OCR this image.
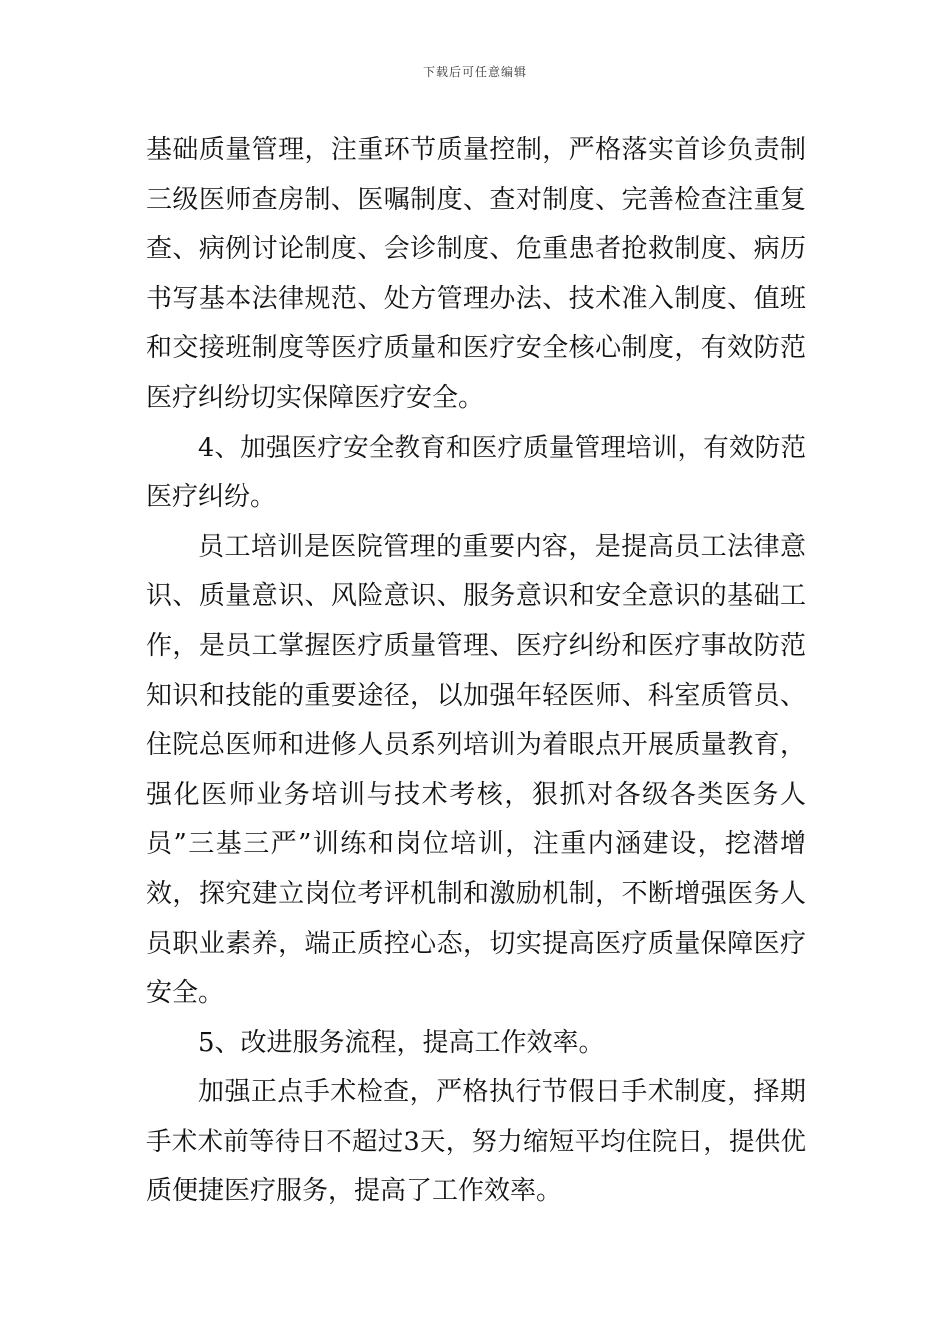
下载后可任意编辑
基础质量管理，注重环节质量控制，严格落实首诊负责制
三级医师查房制、医嘱制度、查对制度、完善检查注重复
查、病例讨论制度、会诊制度、危重患者抢救制度、病历
书写基本法律规范、处方管理办法、技术准入制度、值班
和交接班制度等医疗质量和医疗安全核心制度，有效防范
医疗纠纷切实保障医疗安全。
4、加强医疗安全教育和医疗质量管理培训，有效防范
医疗纠纷。
员工培训是医院管理的重要内容，是提高员工法律意
识、质量意识、风险意识、服务意识和安全意识的基础工
作，是员工掌握医疗质量管理、医疗纠纷和医疗事故防范
知识和技能的重要途径，以加强年轻医师、科室质管员、
住院总医师和进修人员系列培训为着眼点开展质量教育，
强化医师业务培训与技术考核，狠抓对各级各类医务人
员”三基三严”训练和岗位培训，注重内涵建设，挖潜增
效，探究建立岗位考评机制和激励机制，不断增强医务人
员职业素养，端正质控心态，切实提高医疗质量保障医疗
安全。
5、改进服务流程，提高工作效率。
加强正点手术检查，严格执行节假日手术制度，择期
手术术前等待日不超过3天，努力缩短平均住院日，提供优
质便捷医疗服务，提高了工作效率。
